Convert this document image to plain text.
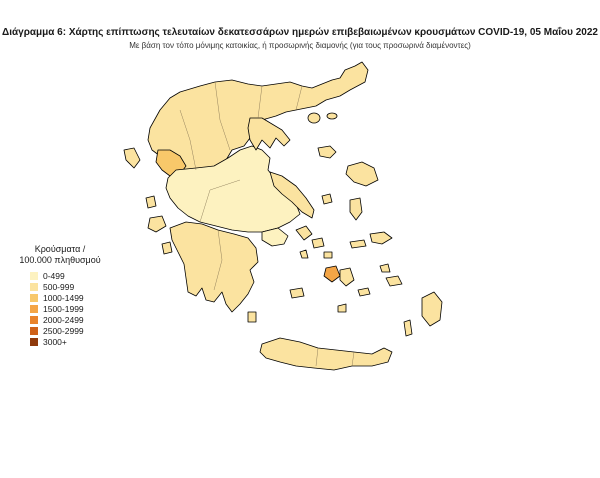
Διάγραμμα 6: Χάρτης επίπτωσης τελευταίων δεκατεσσάρων ημερών επιβεβαιωμένων κρουσμάτων COVID-19, 05 Μαΐου 2022
Με βάση τον τόπο μόνιμης κατοικίας, ή προσωρινής διαμονής (για τους προσωρινά διαμένοντες)
Κρούσματα /
100.000 πληθυσμού
0-499
500-999
1000-1499
1500-1999
2000-2499
2500-2999
3000+
